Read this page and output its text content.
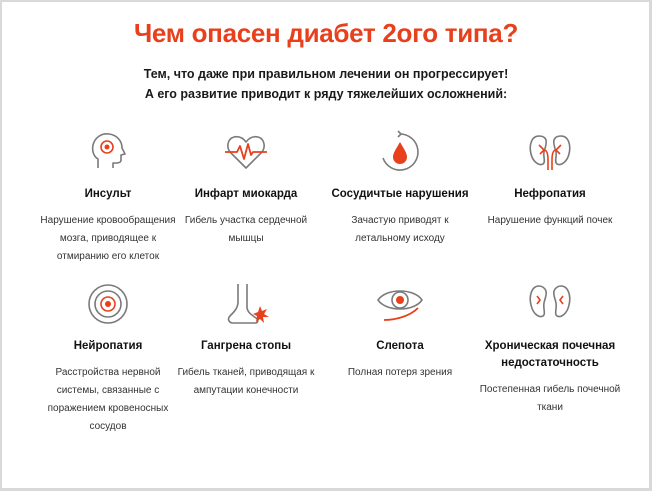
Чем опасен диабет 2ого типа?
Тем, что даже при правильном лечении он прогрессирует!
А его развитие приводит к ряду тяжелейших осложнений:
Инсульт
Нарушение кровообращения мозга, приводящее к отмиранию его клеток
Инфарт миокарда
Гибель участка сердечной мышцы
Сосудичтые нарушения
Зачастую приводят к летальному исходу
Нефропатия
Нарушение функций почек
Нейропатия
Расстройства нервной системы, связанные с поражением кровеносных сосудов
Гангрена стопы
Гибель тканей, приводящая к ампутации конечности
Слепота
Полная потеря зрения
Хроническая почечная недостаточность
Постепенная гибель почечной ткани
